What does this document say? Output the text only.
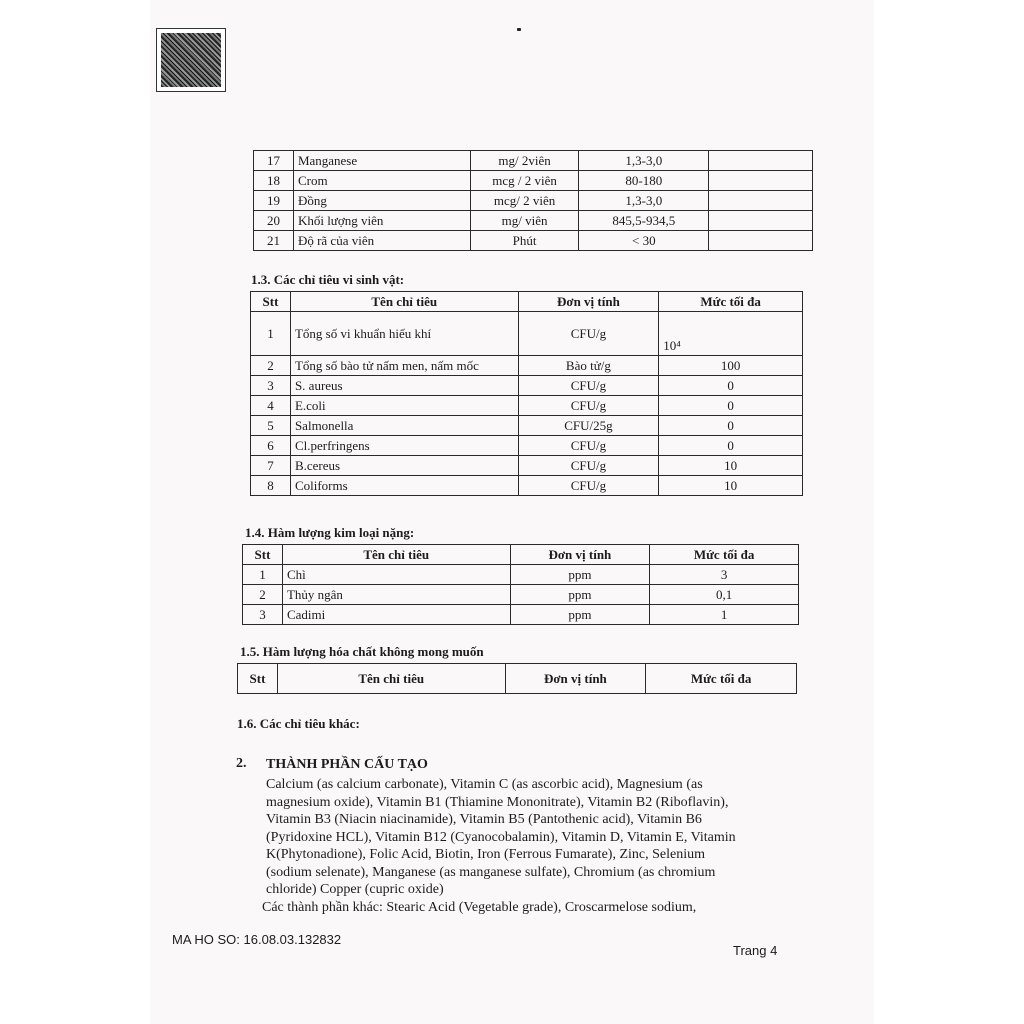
17	Manganese	mg/ 2viên	1,3-3,0	
18	Crom	mcg / 2 viên	80-180	
19	Đồng	mcg/ 2 viên	1,3-3,0	
20	Khối lượng viên	mg/ viên	845,5-934,5	
21	Độ rã của viên	Phút	< 30	
1.3. Các chỉ tiêu vi sinh vật:
Stt	Tên chỉ tiêu	Đơn vị tính	Mức tối đa
1	Tổng số vi khuẩn hiếu khí	CFU/g	10⁴
2	Tổng số bào tử nấm men, nấm mốc	Bào tử/g	100
3	S. aureus	CFU/g	0
4	E.coli	CFU/g	0
5	Salmonella	CFU/25g	0
6	Cl.perfringens	CFU/g	0
7	B.cereus	CFU/g	10
8	Coliforms	CFU/g	10
1.4. Hàm lượng kim loại nặng:
Stt	Tên chỉ tiêu	Đơn vị tính	Mức tối đa
1	Chì	ppm	3
2	Thủy ngân	ppm	0,1
3	Cadimi	ppm	1
1.5. Hàm lượng hóa chất không mong muốn
Stt	Tên chỉ tiêu	Đơn vị tính	Mức tối đa
1.6. Các chỉ tiêu khác:
2. THÀNH PHẦN CẤU TẠO

Calcium (as calcium carbonate), Vitamin C (as ascorbic acid), Magnesium (as

magnesium oxide), Vitamin B1 (Thiamine Mononitrate), Vitamin B2 (Riboflavin),

Vitamin B3 (Niacin niacinamide), Vitamin B5 (Pantothenic acid), Vitamin B6

(Pyridoxine HCL), Vitamin B12 (Cyanocobalamin), Vitamin D, Vitamin E, Vitamin

K(Phytonadione), Folic Acid, Biotin, Iron (Ferrous Fumarate), Zinc, Selenium

(sodium selenate), Manganese (as manganese sulfate), Chromium (as chromium

chloride) Copper (cupric oxide)

Các thành phần khác: Stearic Acid (Vegetable grade), Croscarmelose sodium,

MA HO SO: 16.08.03.132832
Trang 4
